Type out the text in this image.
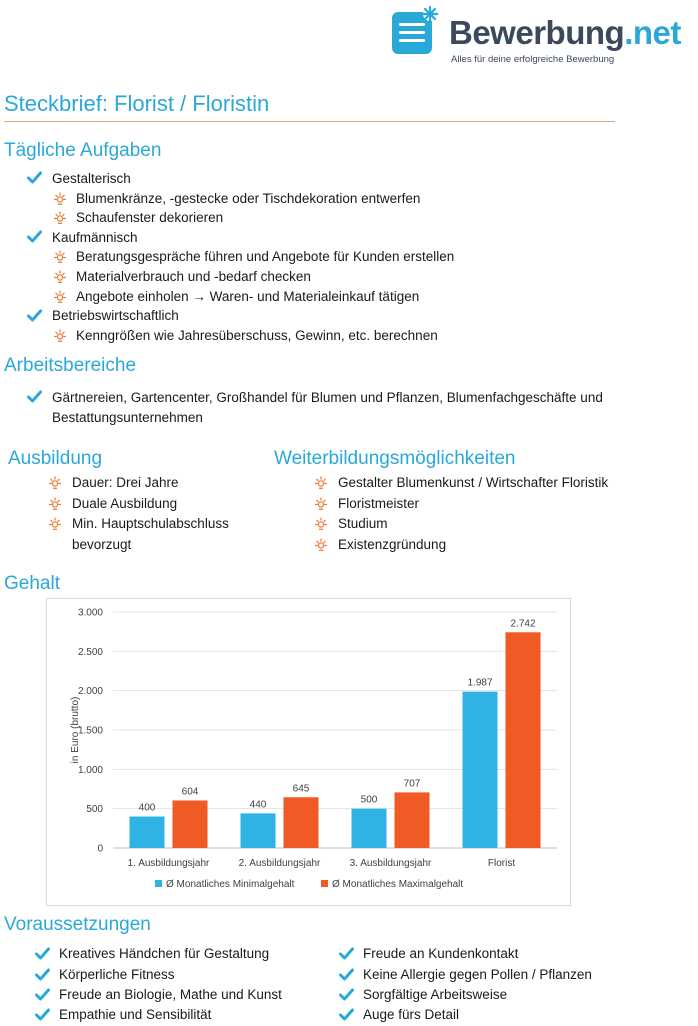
Bewerbung.net
Alles für deine erfolgreiche Bewerbung
Steckbrief: Florist / Floristin
Tägliche Aufgaben
Gestalterisch
Blumenkränze, -gestecke oder Tischdekoration entwerfen
Schaufenster dekorieren
Kaufmännisch
Beratungsgespräche führen und Angebote für Kunden erstellen
Materialverbrauch und -bedarf checken
Angebote einholen → Waren- und Materialeinkauf tätigen
Betriebswirtschaftlich
Kenngrößen wie Jahresüberschuss, Gewinn, etc. berechnen
Arbeitsbereiche
Gärtnereien, Gartencenter, Großhandel für Blumen und Pflanzen, Blumenfachgeschäfte und
Bestattungsunternehmen
Ausbildung
Dauer: Drei Jahre
Duale Ausbildung
Min. Hauptschulabschluss
bevorzugt
Weiterbildungsmöglichkeiten
Gestalter Blumenkunst / Wirtschafter Floristik
Floristmeister
Studium
Existenzgründung
Gehalt
0
500
1.000
1.500
2.000
2.500
3.000
in Euro (brutto)
400
604
1. Ausbildungsjahr
440
645
2. Ausbildungsjahr
500
707
3. Ausbildungsjahr
1.987
2.742
Florist
Ø Monatliches Minimalgehalt	Ø Monatliches Maximalgehalt
Voraussetzungen
Kreatives Händchen für Gestaltung
Körperliche Fitness
Freude an Biologie, Mathe und Kunst
Empathie und Sensibilität
Freude an Kundenkontakt
Keine Allergie gegen Pollen / Pflanzen
Sorgfältige Arbeitsweise
Auge fürs Detail
